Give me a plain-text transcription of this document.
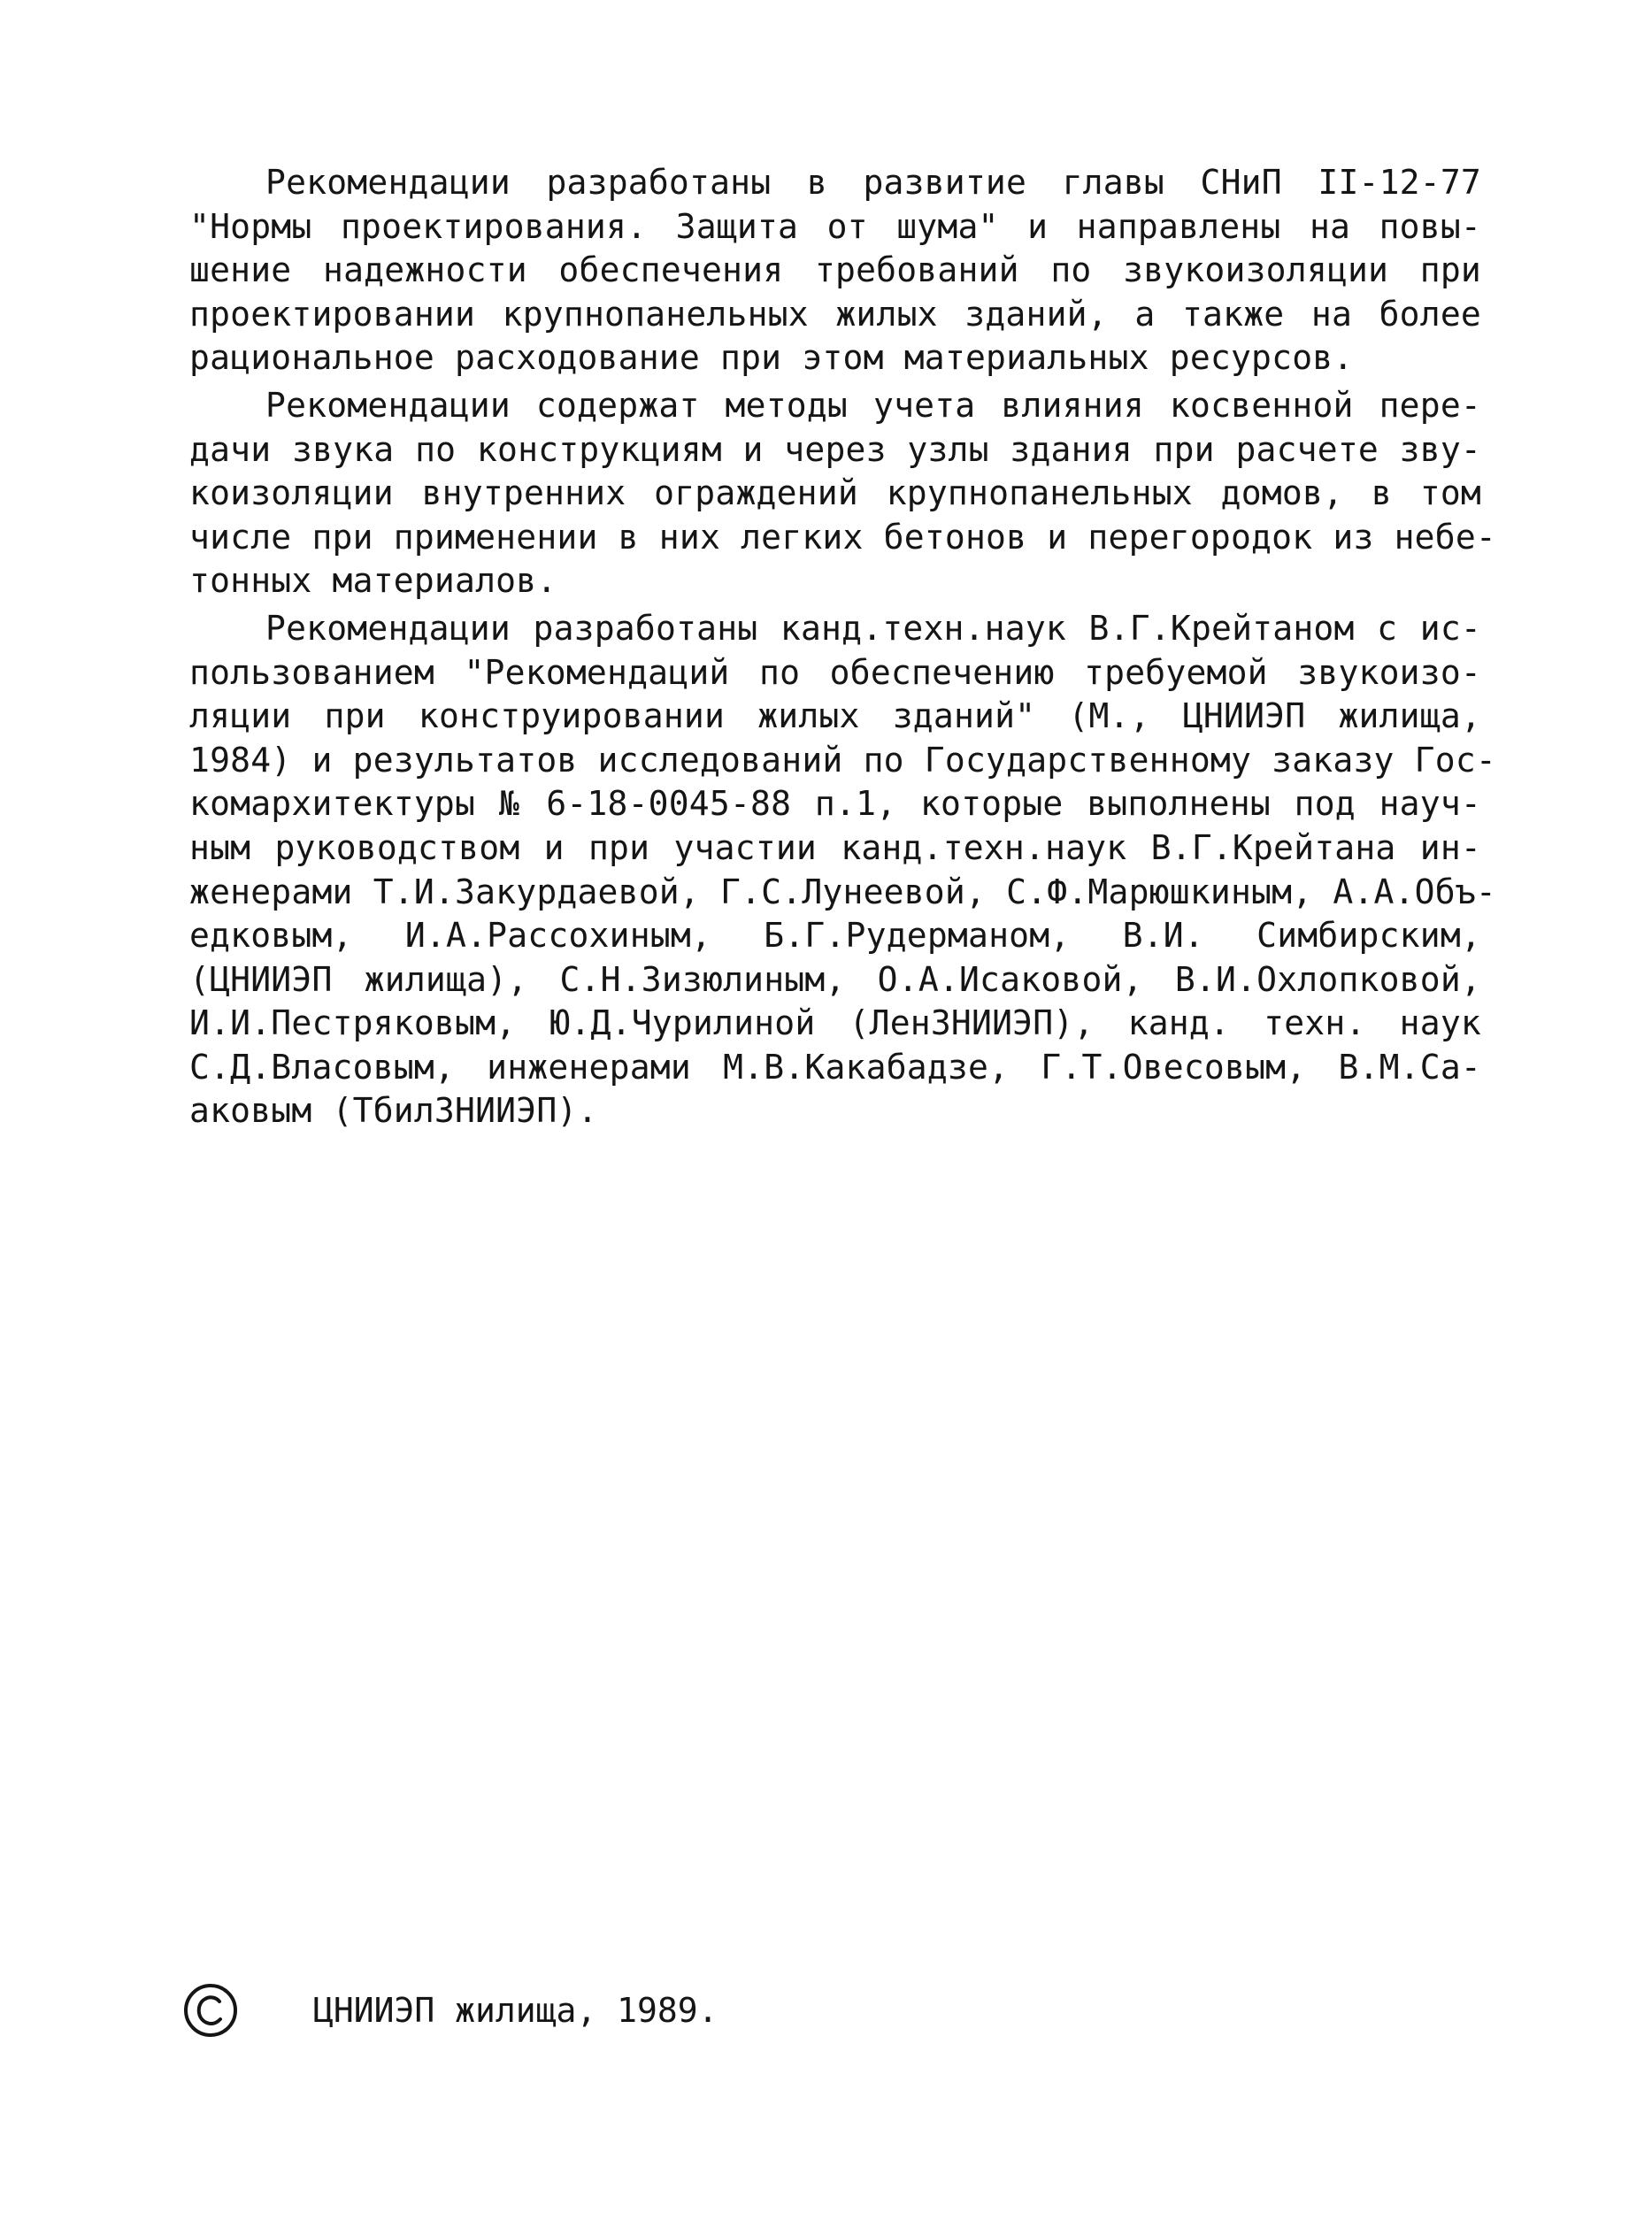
Рекомендации разработаны в развитие главы СНиП II-12-77
"Нормы проектирования. Защита от шума" и направлены на повы-
шение надежности обеспечения требований по звукоизоляции при
проектировании крупнопанельных жилых зданий, а также на более
рациональное расходование при этом материальных ресурсов.
Рекомендации содержат методы учета влияния косвенной пере-
дачи звука по конструкциям и через узлы здания при расчете зву-
коизоляции внутренних ограждений крупнопанельных домов, в том
числе при применении в них легких бетонов и перегородок из небе-
тонных материалов.
Рекомендации разработаны канд.техн.наук В.Г.Крейтаном с ис-
пользованием "Рекомендаций по обеспечению требуемой звукоизо-
ляции при конструировании жилых зданий" (М., ЦНИИЭП жилища,
1984) и результатов исследований по Государственному заказу Гос-
комархитектуры № 6-18-0045-88 п.1, которые выполнены под науч-
ным руководством и при участии канд.техн.наук В.Г.Крейтана ин-
женерами Т.И.Закурдаевой, Г.С.Лунеевой, С.Ф.Марюшкиным, А.А.Объ-
едковым, И.А.Рассохиным, Б.Г.Рудерманом, В.И. Симбирским,
(ЦНИИЭП жилища), С.Н.Зизюлиным, О.А.Исаковой, В.И.Охлопковой,
И.И.Пестряковым, Ю.Д.Чурилиной (ЛенЗНИИЭП), канд. техн. наук
С.Д.Власовым, инженерами М.В.Какабадзе, Г.Т.Овесовым, В.М.Са-
аковым (ТбилЗНИИЭП).
ЦНИИЭП жилища, 1989.
